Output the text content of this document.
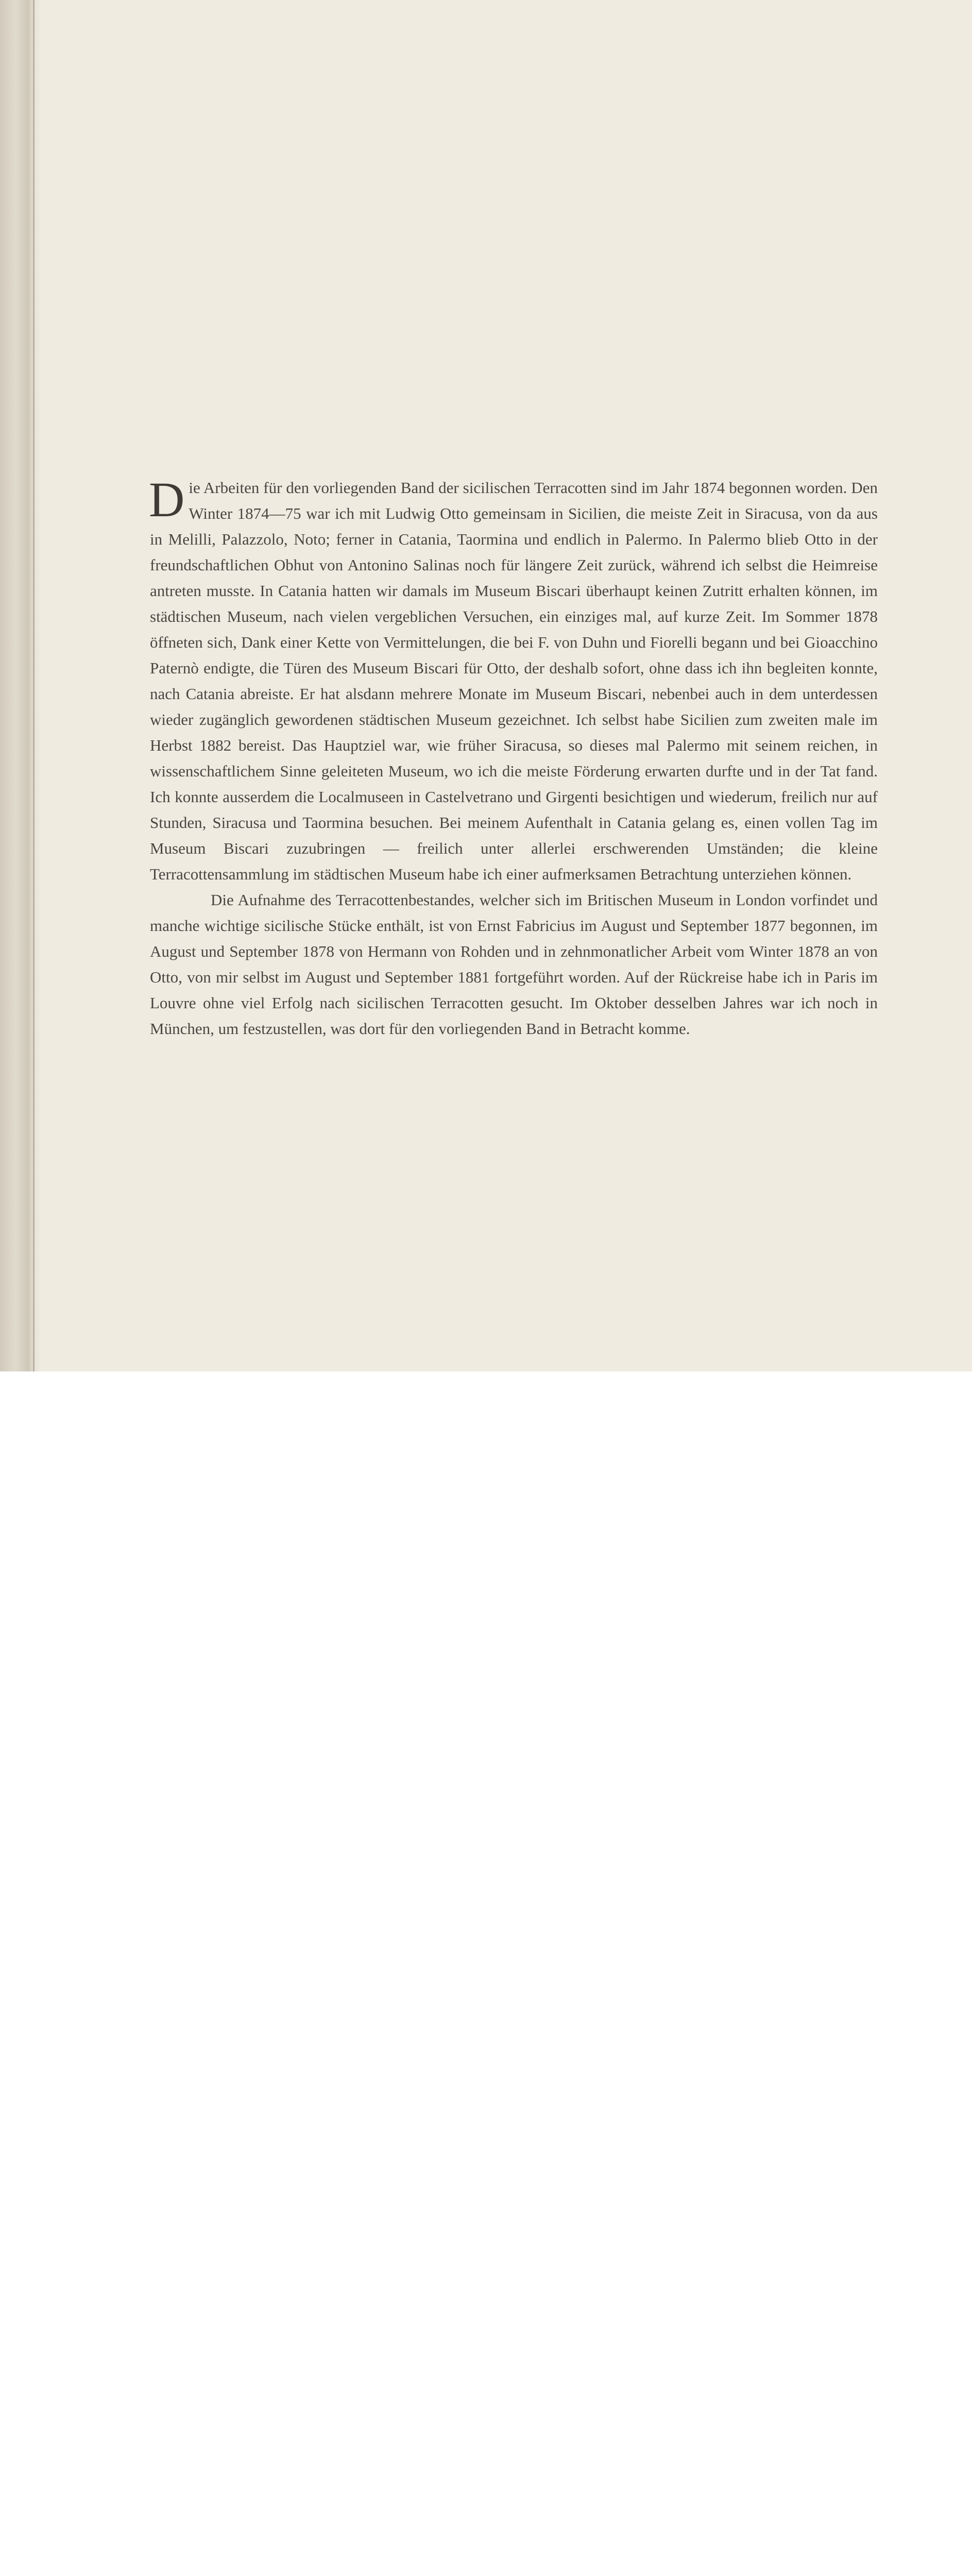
Die Arbeiten für den vorliegenden Band der sicilischen Terracotten sind im Jahr 1874 begonnen worden. Den Winter 1874—75 war ich mit Ludwig Otto gemeinsam in Sicilien, die meiste Zeit in Siracusa, von da aus in Melilli, Palazzolo, Noto; ferner in Catania, Taormina und endlich in Palermo. In Palermo blieb Otto in der freundschaftlichen Obhut von Antonino Salinas noch für längere Zeit zurück, während ich selbst die Heimreise antreten musste. In Catania hatten wir damals im Museum Biscari überhaupt keinen Zutritt erhalten können, im städtischen Museum, nach vielen vergeblichen Versuchen, ein einziges mal, auf kurze Zeit. Im Sommer 1878 öffneten sich, Dank einer Kette von Vermittelungen, die bei F. von Duhn und Fiorelli begann und bei Gioacchino Paternò endigte, die Türen des Museum Biscari für Otto, der deshalb sofort, ohne dass ich ihn begleiten konnte, nach Catania abreiste. Er hat alsdann mehrere Monate im Museum Biscari, nebenbei auch in dem unterdessen wieder zugänglich gewordenen städtischen Museum gezeichnet. Ich selbst habe Sicilien zum zweiten male im Herbst 1882 bereist. Das Hauptziel war, wie früher Siracusa, so dieses mal Palermo mit seinem reichen, in wissenschaftlichem Sinne geleiteten Museum, wo ich die meiste Förderung erwarten durfte und in der Tat fand. Ich konnte ausserdem die Localmuseen in Castelvetrano und Girgenti besichtigen und wiederum, freilich nur auf Stunden, Siracusa und Taormina besuchen. Bei meinem Aufenthalt in Catania gelang es, einen vollen Tag im Museum Biscari zuzubringen — freilich unter allerlei erschwerenden Umständen; die kleine Terracottensammlung im städtischen Museum habe ich einer aufmerksamen Betrachtung unterziehen können.

Die Aufnahme des Terracottenbestandes, welcher sich im Britischen Museum in London vorfindet und manche wichtige sicilische Stücke enthält, ist von Ernst Fabricius im August und September 1877 begonnen, im August und September 1878 von Hermann von Rohden und in zehnmonatlicher Arbeit vom Winter 1878 an von Otto, von mir selbst im August und September 1881 fortgeführt worden. Auf der Rückreise habe ich in Paris im Louvre ohne viel Erfolg nach sicilischen Terracotten gesucht. Im Oktober desselben Jahres war ich noch in München, um festzustellen, was dort für den vorliegenden Band in Betracht komme.
